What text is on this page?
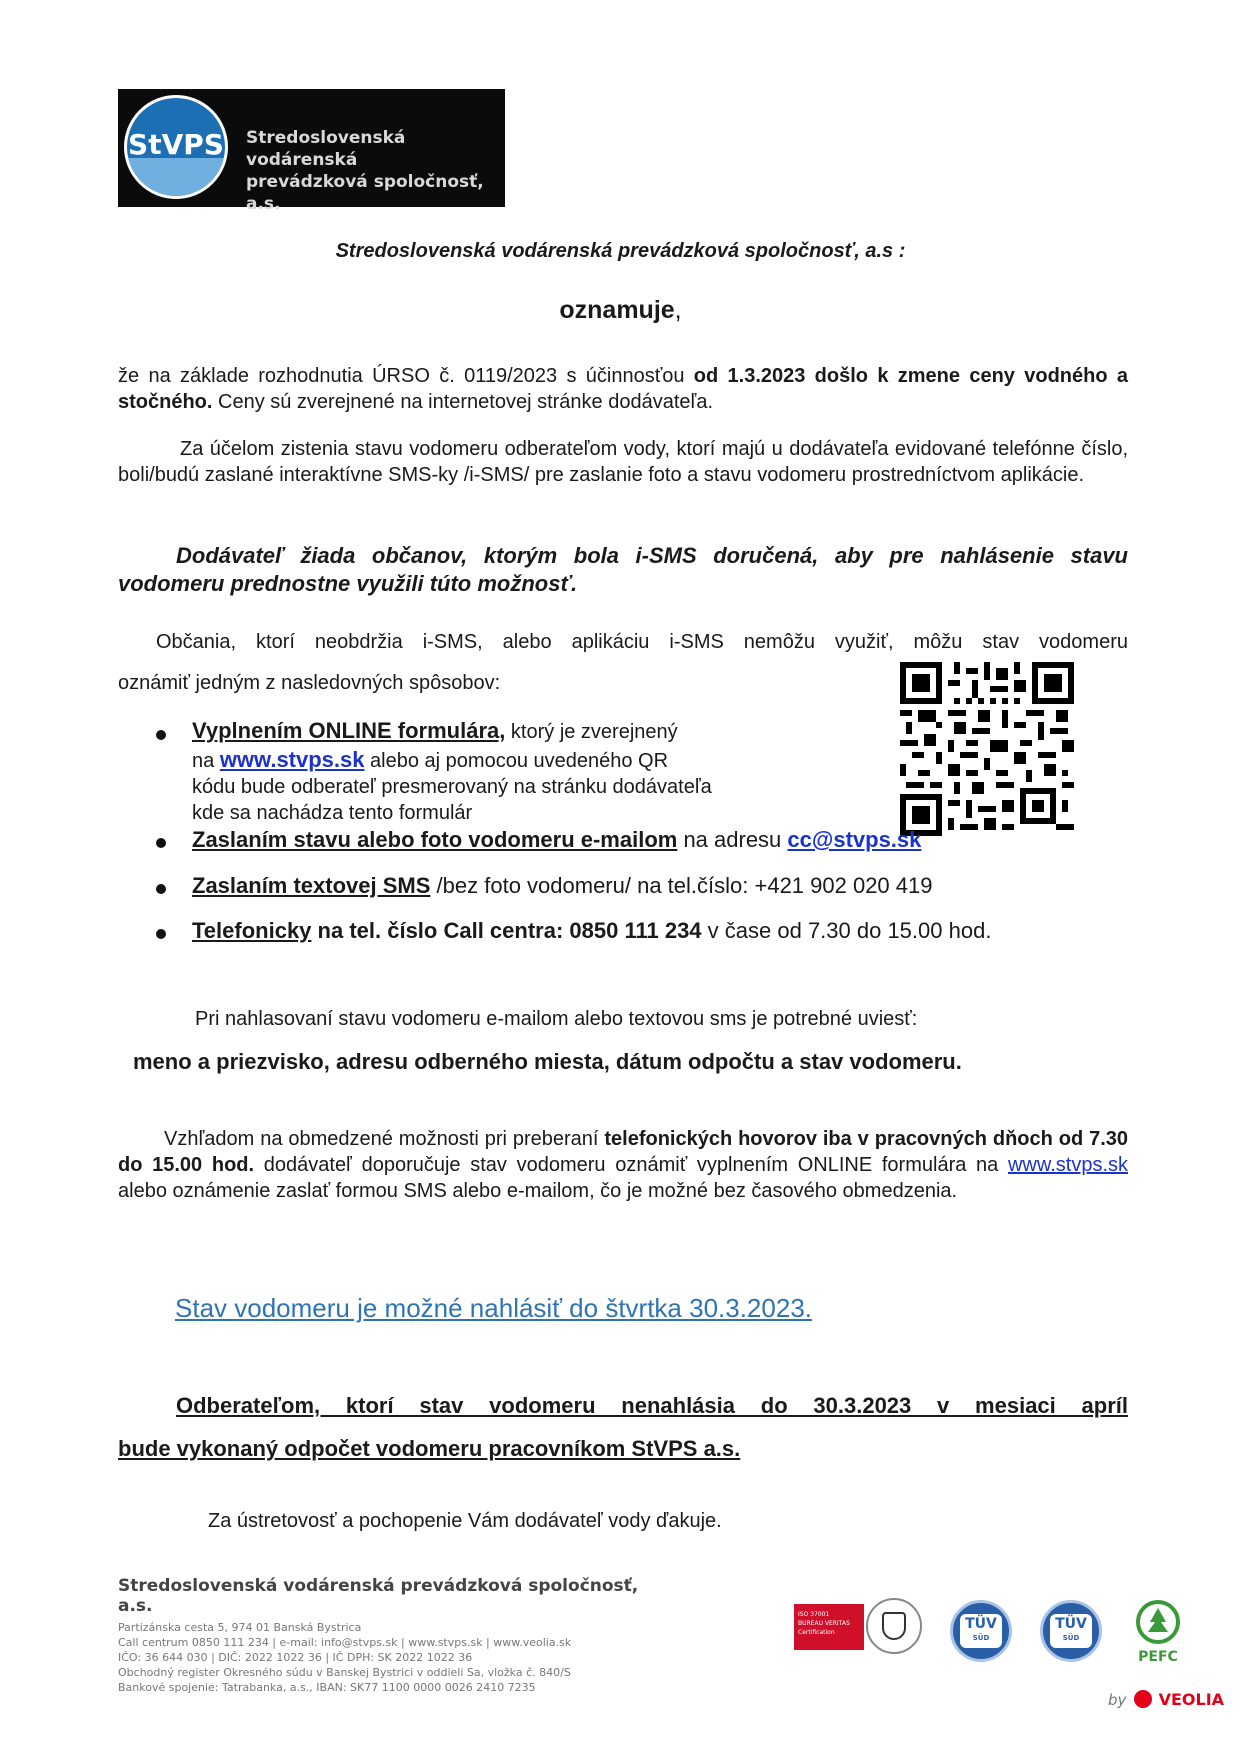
StVPS Stredoslovenská vodárenská
prevádzková spoločnosť, a.s.

Stredoslovenská vodárenská prevádzková spoločnosť, a.s :

oznamuje,

že na základe rozhodnutia ÚRSO č. 0119/2023 s účinnosťou od 1.3.2023 došlo k zmene ceny vodného a stočného. Ceny sú zverejnené na internetovej stránke dodávateľa.

Za účelom zistenia stavu vodomeru odberateľom vody, ktorí majú u dodávateľa evidované telefónne číslo, boli/budú zaslané interaktívne SMS-ky /i-SMS/ pre zaslanie foto a stavu vodomeru prostredníctvom aplikácie.

Dodávateľ žiada občanov, ktorým bola i-SMS doručená, aby pre nahlásenie stavu vodomeru prednostne využili túto možnosť.

Občania, ktorí neobdržia i-SMS, alebo aplikáciu i-SMS nemôžu využiť, môžu stav vodomeru

oznámiť jedným z nasledovných spôsobov:

Vyplnením ONLINE formulára, ktorý je zverejnený

na www.stvps.sk alebo aj pomocou uvedeného QR

kódu bude odberateľ presmerovaný na stránku dodávateľa

kde sa nachádza tento formulár

Zaslaním stavu alebo foto vodomeru e-mailom na adresu cc@stvps.sk

Zaslaním textovej SMS /bez foto vodomeru/ na tel.číslo: +421 902 020 419

Telefonicky na tel. číslo Call centra: 0850 111 234 v čase od 7.30 do 15.00 hod.

Pri nahlasovaní stavu vodomeru e-mailom alebo textovou sms je potrebné uviesť:

meno a priezvisko, adresu odberného miesta, dátum odpočtu a stav vodomeru.

Vzhľadom na obmedzené možnosti pri preberaní telefonických hovorov iba v pracovných dňoch od 7.30 do 15.00 hod. dodávateľ doporučuje stav vodomeru oznámiť vyplnením ONLINE formulára na www.stvps.sk alebo oznámenie zaslať formou SMS alebo e-mailom, čo je možné bez časového obmedzenia.

Stav vodomeru je možné nahlásiť do štvrtka 30.3.2023.

Odberateľom, ktorí stav vodomeru nenahlásia do 30.3.2023 v mesiaci apríl

bude vykonaný odpočet vodomeru pracovníkom StVPS a.s.

Za ústretovosť a pochopenie Vám dodávateľ vody ďakuje.

Stredoslovenská vodárenská prevádzková spoločnosť, a.s.
Partizánska cesta 5, 974 01 Banská Bystrica
Call centrum 0850 111 234 | e-mail: info@stvps.sk | www.stvps.sk | www.veolia.sk
IČO: 36 644 030 | DIČ: 2022 1022 36 | IČ DPH: SK 2022 1022 36
Obchodný register Okresného súdu v Banskej Bystrici v oddieli Sa, vložka č. 840/S
Bankové spojenie: Tatrabanka, a.s., IBAN: SK77 1100 0000 0026 2410 7235
ISO 37001
BUREAU VERITAS
Certification
TÜV
SÜD
TÜV
SÜD
PEFC
by VEOLIA
